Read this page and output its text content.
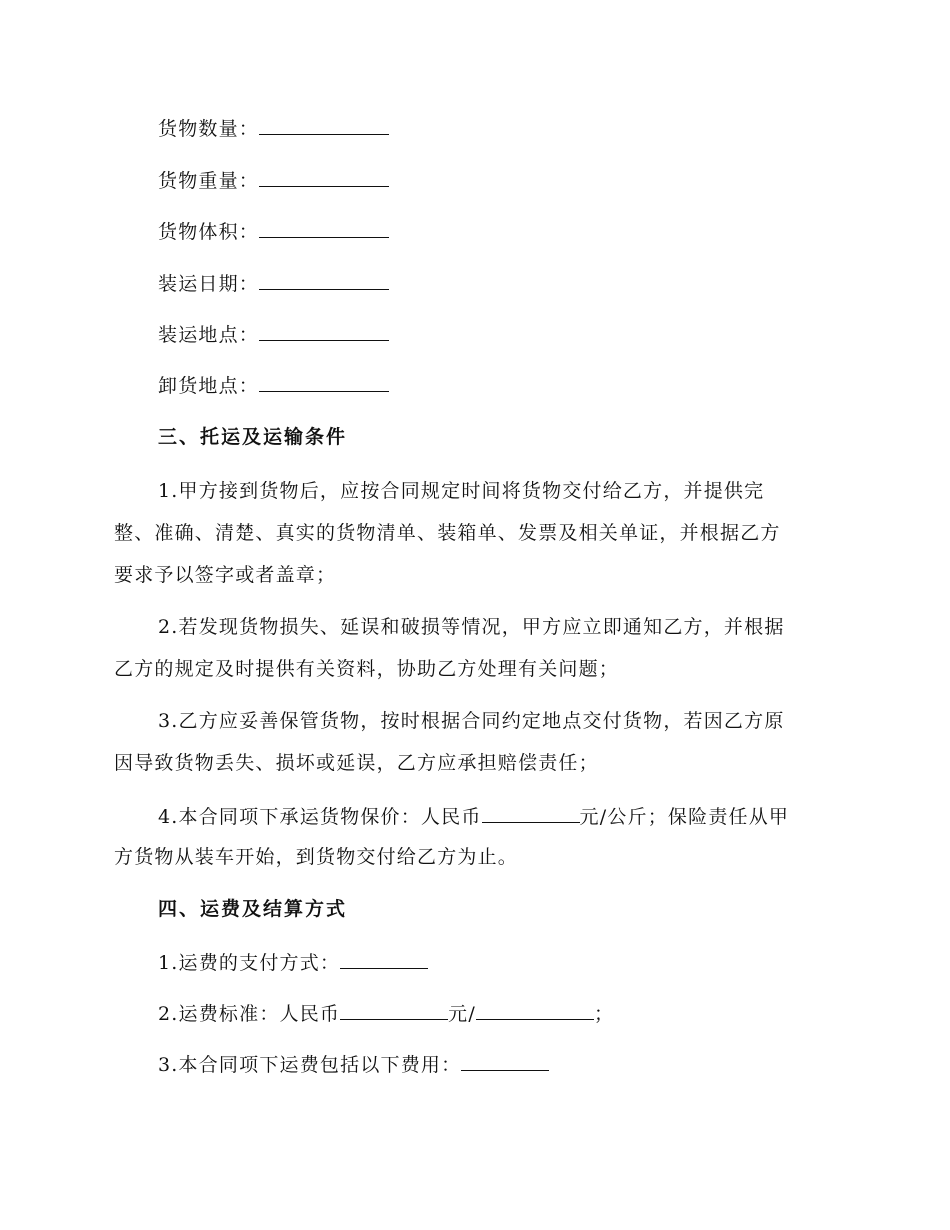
货物数量：
货物重量：
货物体积：
装运日期：
装运地点：
卸货地点：
三、托运及运输条件
1.甲方接到货物后，应按合同规定时间将货物交付给乙方，并提供完
整、准确、清楚、真实的货物清单、装箱单、发票及相关单证，并根据乙方
要求予以签字或者盖章；
2.若发现货物损失、延误和破损等情况，甲方应立即通知乙方，并根据
乙方的规定及时提供有关资料，协助乙方处理有关问题；
3.乙方应妥善保管货物，按时根据合同约定地点交付货物，若因乙方原
因导致货物丢失、损坏或延误，乙方应承担赔偿责任；
4.本合同项下承运货物保价：人民币	元/公斤；保险责任从甲
方货物从装车开始，到货物交付给乙方为止。
四、运费及结算方式
1.运费的支付方式：
2.运费标准：人民币	元/	；
3.本合同项下运费包括以下费用：
